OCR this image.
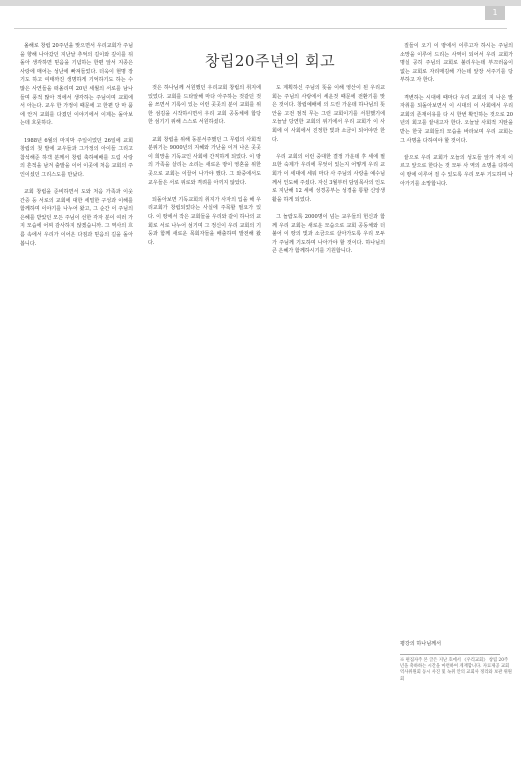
1
창립20주년의 회고

올해로 창립 20주년을 맞으면서 우리교회가 주님을 향해 나아갔던 지난날 추억의 길이와 깊이를 뒤돌아 생각하면 믿음을 기념하는 한편 앞서 지종은 사랑에 매어는 성난에 빠져들었다. 더욱이 현명 장기도 하고 여태까진 생명하게 기억하기도 하는 수많은 사연들을 떠올리며 20년 세월의 서로를 남나들며 풍적 많아 적에서 생각하는 주님이며 교회에서 아는다. 교우 한 가정이 때문에 고 한편 당 마 품에 안겨 교회를 다졌던 이야기에서 이제는 돌아보는데 흐뭇하다.

1988년 6월의 마지막 주일이었던 26일에 교회 창립의 첫 발에 교우들과 그가정의 아이들 그리고 참석해준 하객 분께서 창립 축하예배를 드림 사랑의 흔적을 남겨 출발을 이어 이곳에 처음 교회의 주인이셨던 그리스도를 만났다.

교회 창립을 준비하면서 도와 처음 가족과 이웃 간증 등 서로의 교회에 대한 세밀한 구성과 이해를 함께하며 이야기를 나누어 왔고, 그 순간 이 주님의 은혜를 받았던 모든 주님이 선한 각자 분이 여러 가지 모습에 어찌 감사하지 않겠습니까. 그 역사의 흐름 속에서 우리가 이어온 다짐과 믿음의 길을 돌아 봅니다.

것은 하나님께 서원했던 우리교회 창립의 취지에 있었다. 교회를 드타알해 마다 아주하는 것같던 것을 쓰면서 기록이 있는 이런 곳곳의 분이 교회를 위한 섬김을 시작하시면서 우리 교회 공동체에 합당한 섬기기 위해 스스로 서원하셨다.

교회 창립을 위해 동분서주했던 그 무렵의 사회적 분위기는 9000년의 지혜와 가난을 이겨 나온 곳곳이 희망을 기독교인 사회에 간직하게 되었다. 이 땅의 가족을 살리는 소리는 새로운 땅이 영혼을 위한 곳으로 교회는 이끌어 나가야 했다. 그 와중에서도 교우들은 서로 위로와 격려를 아끼지 않았다.

되돌아보면 기독교회의 취지가 사자의 입을 해 우리교회가 창립되었다는 사실에 주목할 필요가 있다. 이 땅에서 작은 교회들을 우리와 같이 하나의 교회로 서로 나누어 섬기며 그 정신이 우리 교회의 기둥과 함께 새로운 목회자들을 배출하며 발전해 왔다.

도 계획하신 주님의 뜻을 이해 영산이 된 우리교회는 주님의 사랑에서 세운것 때문에 전환기를 맞은 것이다. 창립예배에 의 드린 가운데 하나님의 뜻안을 고전 점적 무는 그런 교회이기를 서원했기에 오늘날 당연한 교회의 위기에서 우리 교회가 이 사회에 이 사회에서 진정한 빛과 소금이 되어야만 한다.

우리 교회의 이런 중대한 결정 가운데 후 세에 필요한 숙제가 우리에 무엇이 있는지 어떻게 우리 교회가 이 세대에 세워 마다 사 주님의 사랑을 예수님께서 인도해 주셨다. 자신 3월부터 담임목사의 인도로 지난해 12 세에 성경공부는 성경을 통할 신앙생활을 하게 되었다.

그 놀랍도록 2000명이 넘는 교우들의 헌신과 함께 우리 교회는 새로운 모습으로 교회 공동체와 더불어 이 땅의 빛과 소금으로 살아가도록 우리 모두가 주님께 기도하며 나아가야 할 것이다. 하나님의 큰 은혜가 함께하시기를 기원합니다.

질들이 오기 이 땅에서 이루고자 하시는 주님의 소망을 이루어 드리는 사역이 되어서 우리 교회가 명실 공히 주님의 교회로 불리우는데 부끄러움이 없는 교회로 자리매김해 가는데 앞장 서주기를 당부하고 자 한다.

격변하는 시대에 때마다 우리 교회의 지 나온 발자취를 되돌아보면서 이 시대의 이 사회에서 우리 교회의 존재이유를 다 시 한번 확인하는 것으로 20년의 회고를 끝내고자 한다. 오늘날 사회적 지탄을 받는 한국 교회들의 모습을 바라보며 우리 교회는 그 사명을 다하여야 할 것이다.

끝으로 우리 교회가 오늘의 성도들 앞가 까지 이르고 앞으로 한다는 것 모두 사 역의 소명을 다하여 이 땅에 이루어 질 수 있도록 우리 모두 기도하며 나아가기를 소망합니다.

평강의 하나님께서
※ 편집자주 본 글은 지난 호에서 《우리교회》 창립 20주년을 축하하는 시간을 마련하여 게재합니다. 자료제공 교회역사위원회 동시 사진 및 녹취 안의 교회사 정리와 보관 위원회
